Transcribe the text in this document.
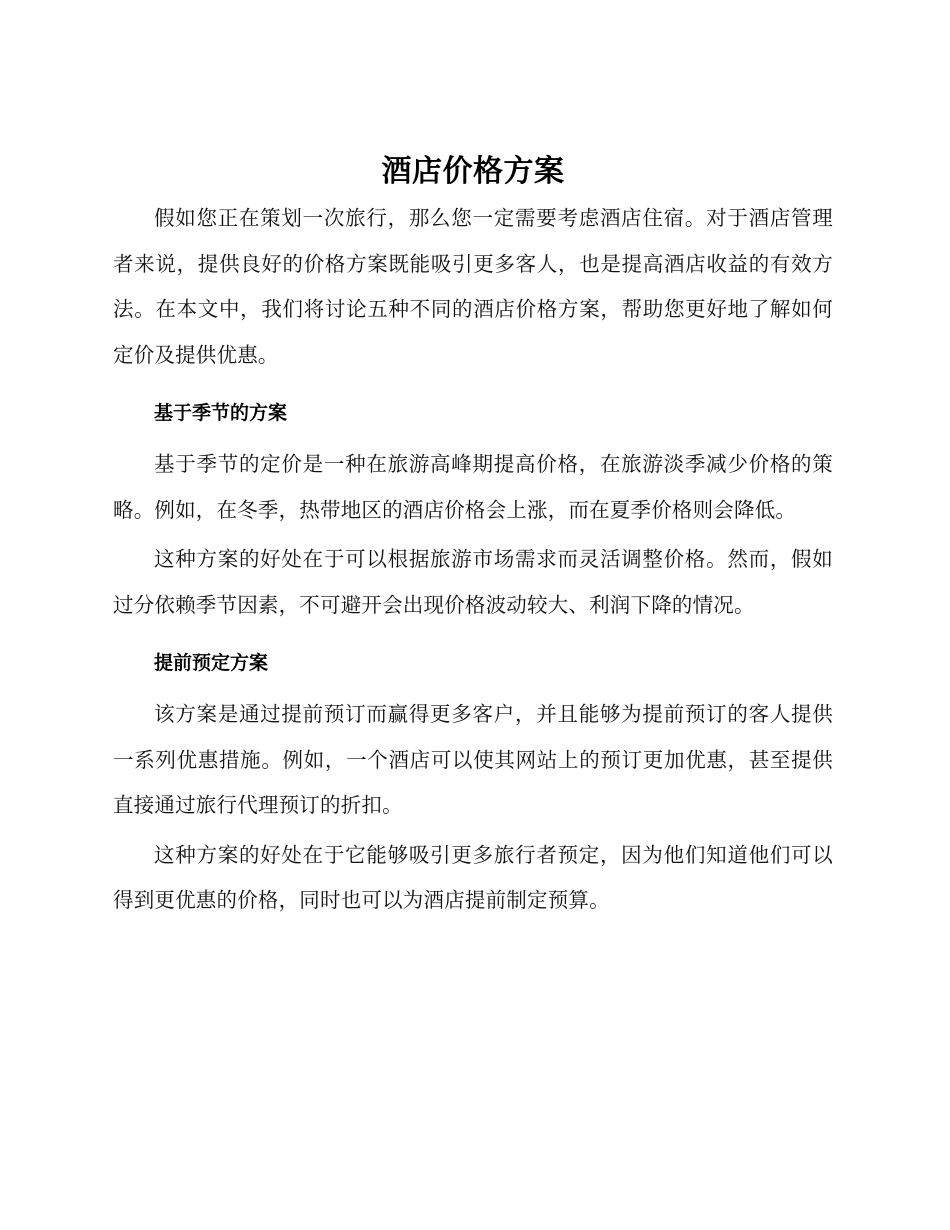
酒店价格方案

假如您正在策划一次旅行，那么您一定需要考虑酒店住宿。对于酒店管理者来说，提供良好的价格方案既能吸引更多客人，也是提高酒店收益的有效方法。在本文中，我们将讨论五种不同的酒店价格方案，帮助您更好地了解如何定价及提供优惠。

基于季节的方案

基于季节的定价是一种在旅游高峰期提高价格，在旅游淡季减少价格的策略。例如，在冬季，热带地区的酒店价格会上涨，而在夏季价格则会降低。

这种方案的好处在于可以根据旅游市场需求而灵活调整价格。然而，假如过分依赖季节因素，不可避开会出现价格波动较大、利润下降的情况。

提前预定方案

该方案是通过提前预订而赢得更多客户，并且能够为提前预订的客人提供一系列优惠措施。例如，一个酒店可以使其网站上的预订更加优惠，甚至提供直接通过旅行代理预订的折扣。

这种方案的好处在于它能够吸引更多旅行者预定，因为他们知道他们可以得到更优惠的价格，同时也可以为酒店提前制定预算。
